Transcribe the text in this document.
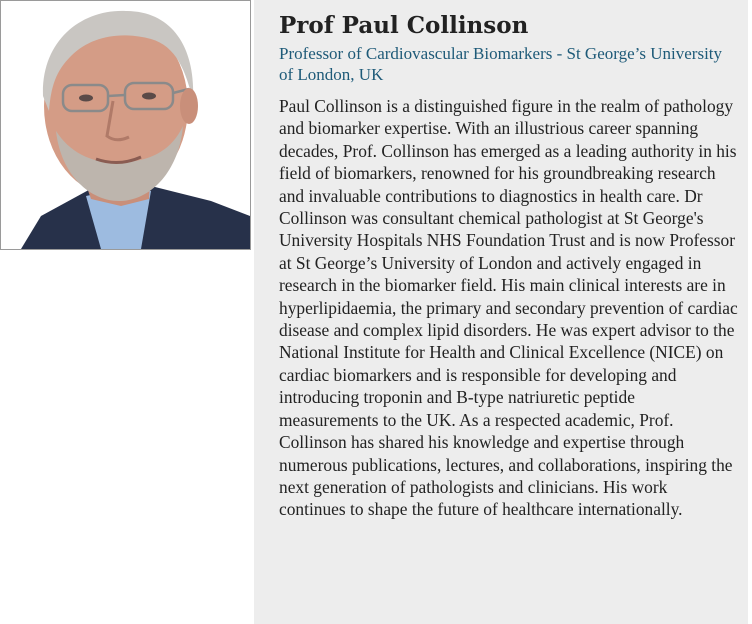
Prof Paul Collinson

Professor of Cardiovascular Biomarkers - St George’s University of London, UK

Paul Collinson is a distinguished figure in the realm of pathology and biomarker expertise. With an illustrious career spanning decades, Prof. Collinson has emerged as a leading authority in his field of biomarkers, renowned for his groundbreaking research and invaluable contributions to diagnostics in health care. Dr Collinson was consultant chemical pathologist at St George's University Hospitals NHS Foundation Trust and is now Professor at St George’s University of London and actively engaged in research in the biomarker field. His main clinical interests are in hyperlipidaemia, the primary and secondary prevention of cardiac disease and complex lipid disorders. He was expert advisor to the National Institute for Health and Clinical Excellence (NICE) on cardiac biomarkers and is responsible for developing and introducing troponin and B-type natriuretic peptide measurements to the UK. As a respected academic, Prof. Collinson has shared his knowledge and expertise through numerous publications, lectures, and collaborations, inspiring the next generation of pathologists and clinicians. His work continues to shape the future of healthcare internationally.
